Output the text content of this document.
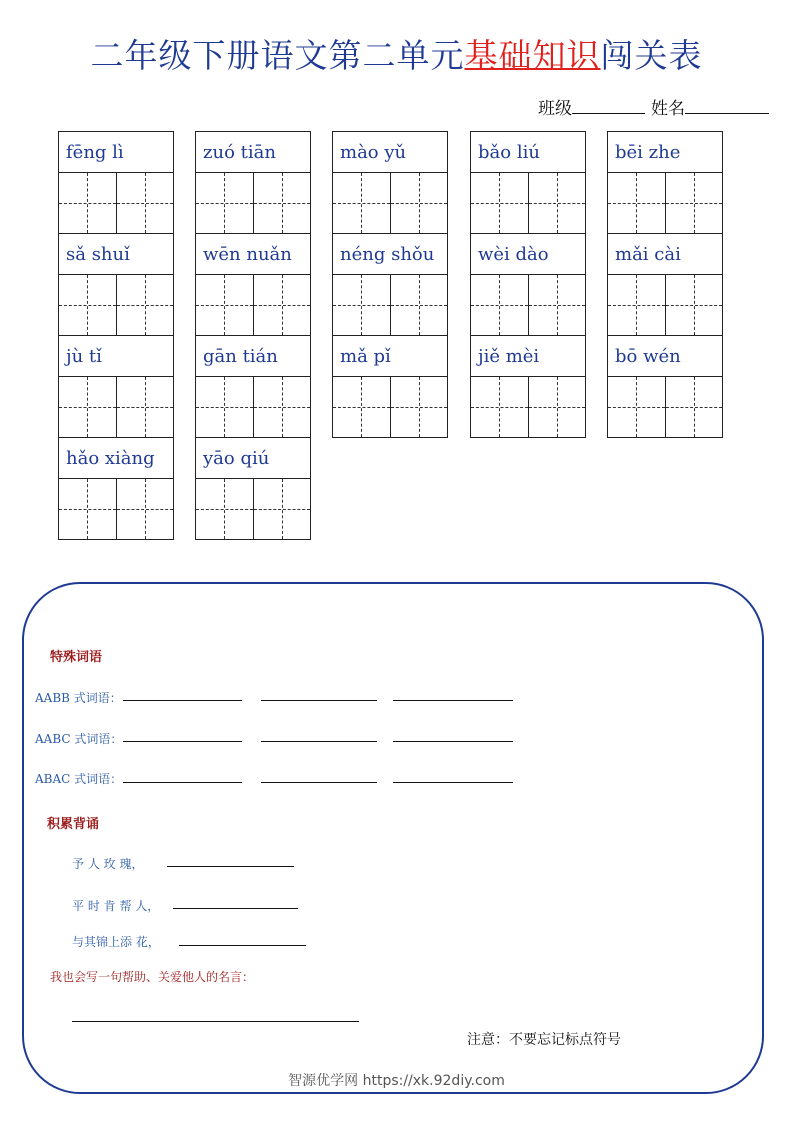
二年级下册语文第二单元基础知识闯关表
班级	姓名
fēng lì
sǎ shuǐ
jù tǐ
hǎo xiàng
zuó tiān
wēn nuǎn
gān tián
yāo qiú
mào yǔ
néng shǒu
mǎ pǐ
bǎo liú
wèi dào
jiě mèi
bēi zhe
mǎi cài
bō wén
特殊词语
AABB 式词语：
AABC 式词语：
ABAC 式词语：
积累背诵
予 人 玫 瑰，
平 时 肯 帮 人，
与其锦上添 花，
我也会写一句帮助、关爱他人的名言：
注意：不要忘记标点符号
智源优学网 https://xk.92diy.com
